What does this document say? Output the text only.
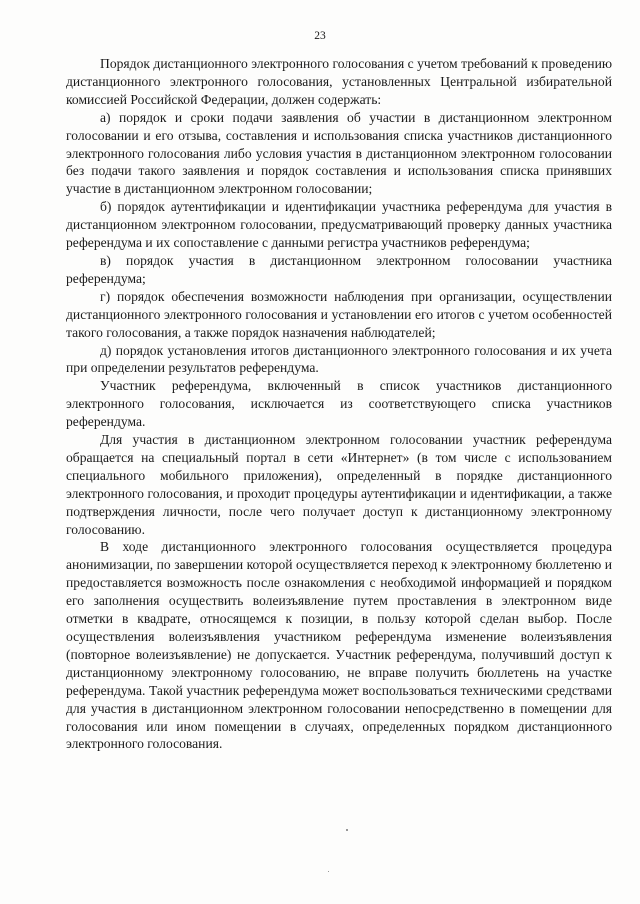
23

Порядок дистанционного электронного голосования с учетом требований к проведению дистанционного электронного голосования, установленных Центральной избирательной комиссией Российской Федерации, должен содержать:

а) порядок и сроки подачи заявления об участии в дистанционном электронном голосовании и его отзыва, составления и использования списка участников дистанционного электронного голосования либо условия участия в дистанционном электронном голосовании без подачи такого заявления и порядок составления и использования списка принявших участие в дистанционном электронном голосовании;

б) порядок аутентификации и идентификации участника референдума для участия в дистанционном электронном голосовании, предусматривающий проверку данных участника референдума и их сопоставление с данными регистра участников референдума;

в) порядок участия в дистанционном электронном голосовании участника референдума;

г) порядок обеспечения возможности наблюдения при организации, осуществлении дистанционного электронного голосования и установлении его итогов с учетом особенностей такого голосования, а также порядок назначения наблюдателей;

д) порядок установления итогов дистанционного электронного голосования и их учета при определении результатов референдума.

Участник референдума, включенный в список участников дистанционного электронного голосования, исключается из соответствующего списка участников референдума.

Для участия в дистанционном электронном голосовании участник референдума обращается на специальный портал в сети «Интернет» (в том числе с использованием специального мобильного приложения), определенный в порядке дистанционного электронного голосования, и проходит процедуры аутентификации и идентификации, а также подтверждения личности, после чего получает доступ к дистанционному электронному голосованию.

В ходе дистанционного электронного голосования осуществляется процедура анонимизации, по завершении которой осуществляется переход к электронному бюллетеню и предоставляется возможность после ознакомления с необходимой информацией и порядком его заполнения осуществить волеизъявление путем проставления в электронном виде отметки в квадрате, относящемся к позиции, в пользу которой сделан выбор. После осуществления волеизъявления участником референдума изменение волеизъявления (повторное волеизъявление) не допускается. Участник референдума, получивший доступ к дистанционному электронному голосованию, не вправе получить бюллетень на участке референдума. Такой участник референдума может воспользоваться техническими средствами для участия в дистанционном электронном голосовании непосредственно в помещении для голосования или ином помещении в случаях, определенных порядком дистанционного электронного голосования.
